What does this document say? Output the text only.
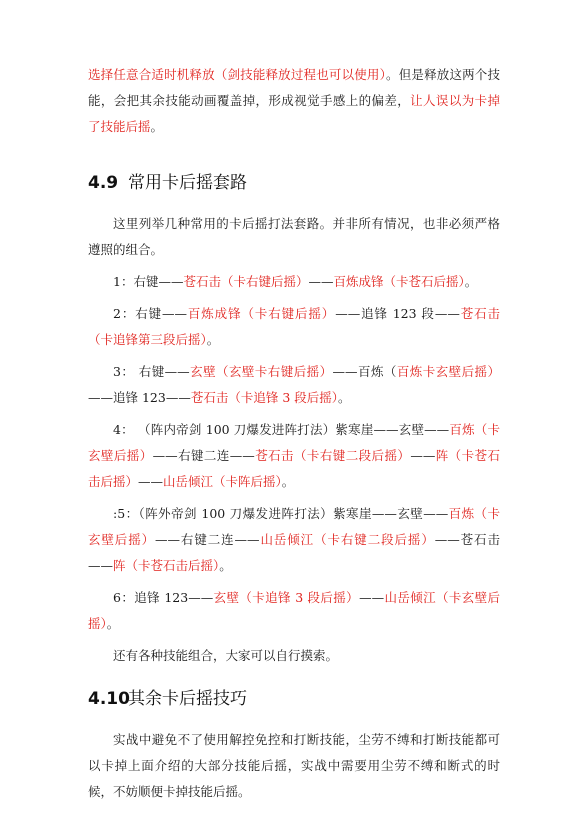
选择任意合适时机释放（剑技能释放过程也可以使用）。但是释放这两个技能，会把其余技能动画覆盖掉，形成视觉手感上的偏差，让人误以为卡掉了技能后摇。

4.9 常用卡后摇套路

这里列举几种常用的卡后摇打法套路。并非所有情况，也非必须严格遵照的组合。

1：右键——苍石击（卡右键后摇）——百炼成锋（卡苍石后摇）。

2：右键——百炼成锋（卡右键后摇）——追锋 123 段——苍石击（卡追锋第三段后摇）。

3： 右键——玄壁（玄壁卡右键后摇）——百炼（百炼卡玄壁后摇）——追锋 123——苍石击（卡追锋 3 段后摇）。

4： （阵内帝剑 100 刀爆发进阵打法）紫寒崖——玄壁——百炼（卡玄壁后摇）——右键二连——苍石击（卡右键二段后摇）——阵（卡苍石击后摇）——山岳倾江（卡阵后摇）。

:5：（阵外帝剑 100 刀爆发进阵打法）紫寒崖——玄壁——百炼（卡玄壁后摇）——右键二连——山岳倾江（卡右键二段后摇）——苍石击——阵（卡苍石击后摇）。

6：追锋 123——玄壁（卡追锋 3 段后摇）——山岳倾江（卡玄壁后摇）。

还有各种技能组合，大家可以自行摸索。

4.10其余卡后摇技巧

实战中避免不了使用解控免控和打断技能，尘劳不缚和打断技能都可以卡掉上面介绍的大部分技能后摇，实战中需要用尘劳不缚和断式的时候，不妨顺便卡掉技能后摇。
